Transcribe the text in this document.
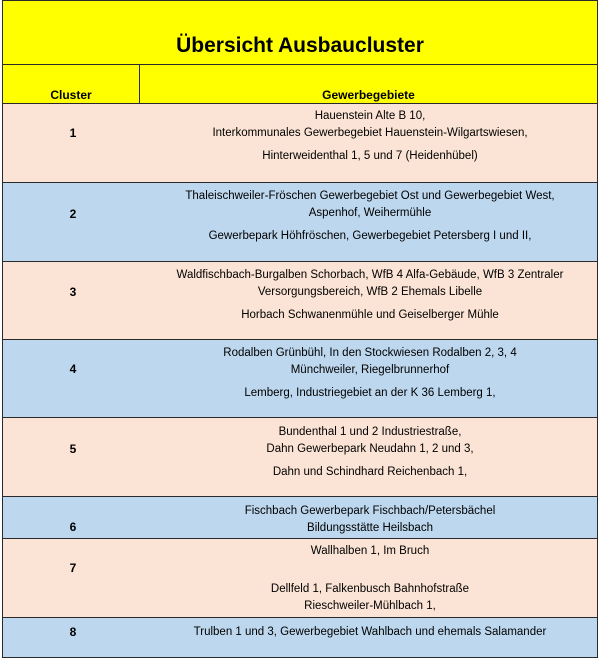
Übersicht Ausbaucluster
Cluster	Gewerbegebiete
1
Hauenstein Alte B 10,
Interkommunales Gewerbegebiet Hauenstein-Wilgartswiesen,
Hinterweidenthal 1, 5 und 7 (Heidenhübel)
2
Thaleischweiler-Fröschen Gewerbegebiet Ost und Gewerbegebiet West,
Aspenhof, Weihermühle
Gewerbepark Höhfröschen, Gewerbegebiet Petersberg I und II,
3
Waldfischbach-Burgalben Schorbach, WfB 4 Alfa-Gebäude, WfB 3 Zentraler
Versorgungsbereich, WfB 2 Ehemals Libelle
Horbach Schwanenmühle und Geiselberger Mühle
4
Rodalben Grünbühl, In den Stockwiesen Rodalben 2, 3, 4
Münchweiler, Riegelbrunnerhof
Lemberg, Industriegebiet an der K 36 Lemberg 1,
5
Bundenthal 1 und 2 Industriestraße,
Dahn Gewerbepark Neudahn 1, 2 und 3,
Dahn und Schindhard Reichenbach 1,
6
Fischbach Gewerbepark Fischbach/Petersbächel
Bildungsstätte Heilsbach
7
Wallhalben 1, Im Bruch
Dellfeld 1, Falkenbusch Bahnhofstraße
Rieschweiler-Mühlbach 1,
8	Trulben 1 und 3, Gewerbegebiet Wahlbach und ehemals Salamander
